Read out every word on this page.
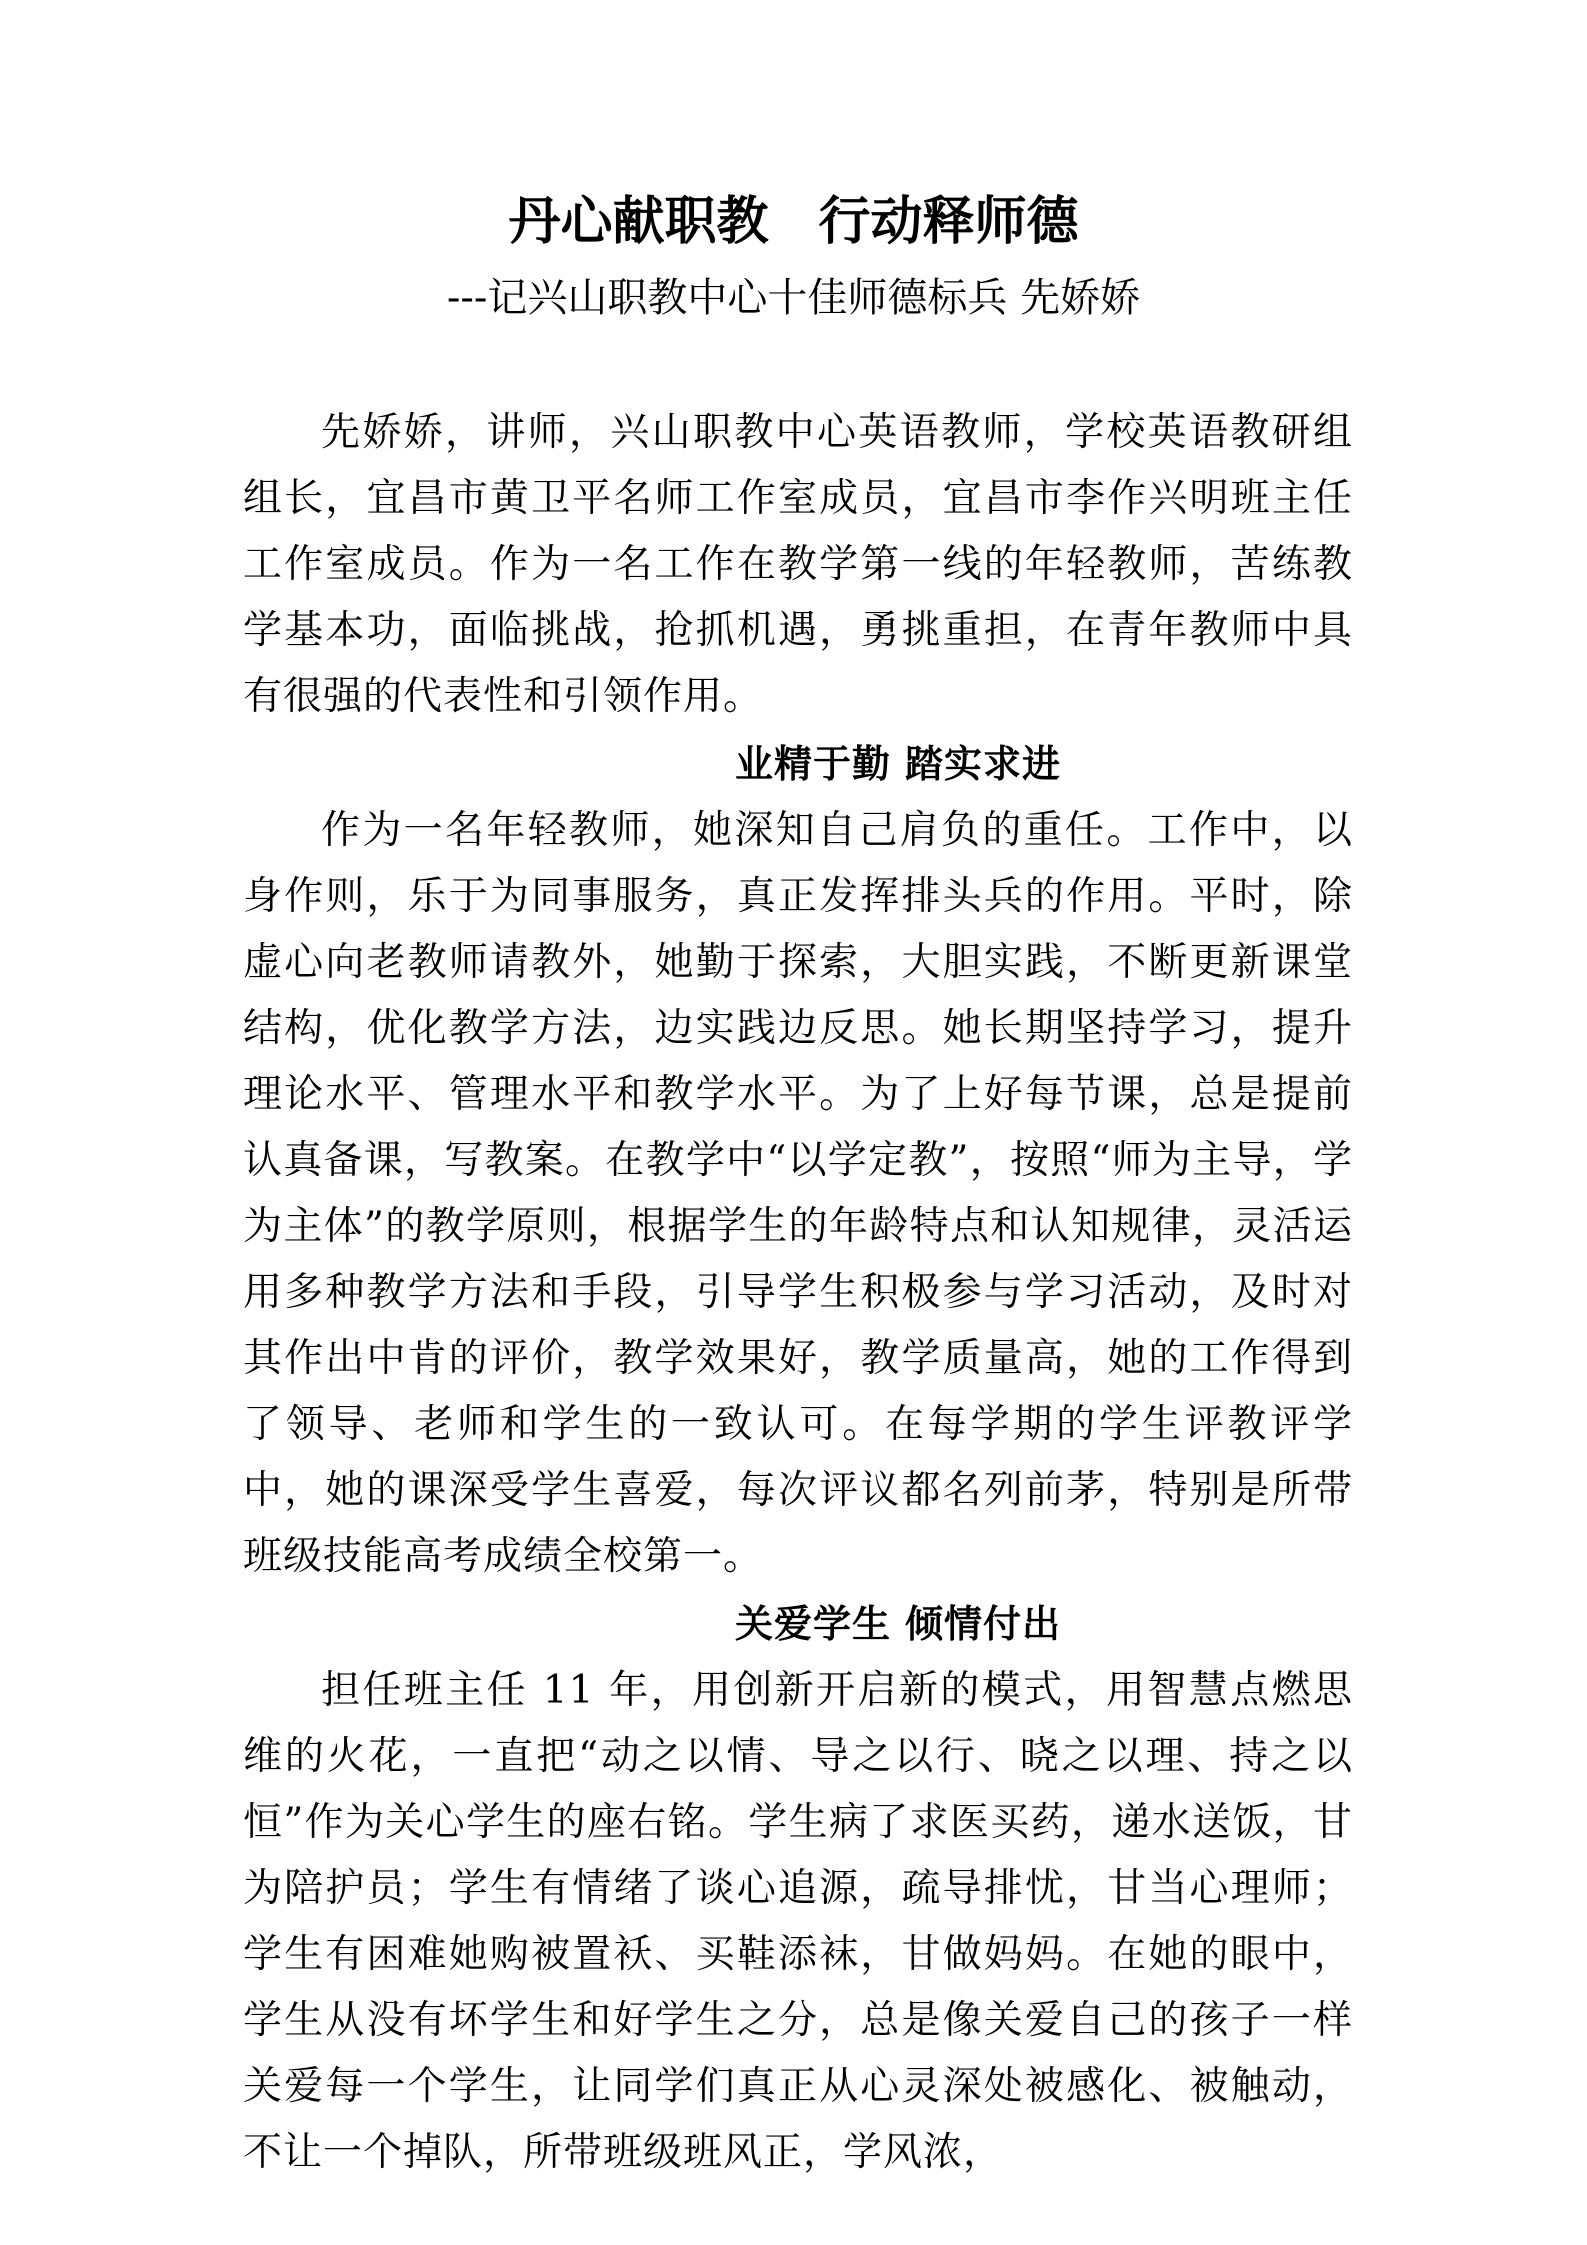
丹心献职教 行动释师德
---记兴山职教中心十佳师德标兵 先娇娇

先娇娇，讲师，兴山职教中心英语教师，学校英语教研组组长，宜昌市黄卫平名师工作室成员，宜昌市李作兴明班主任工作室成员。作为一名工作在教学第一线的年轻教师，苦练教学基本功，面临挑战，抢抓机遇，勇挑重担，在青年教师中具有很强的代表性和引领作用。

业精于勤 踏实求进

作为一名年轻教师，她深知自己肩负的重任。工作中，以身作则，乐于为同事服务，真正发挥排头兵的作用。平时，除虚心向老教师请教外，她勤于探索，大胆实践，不断更新课堂结构，优化教学方法，边实践边反思。她长期坚持学习，提升理论水平、管理水平和教学水平。为了上好每节课，总是提前认真备课，写教案。在教学中“以学定教”，按照“师为主导，学为主体”的教学原则，根据学生的年龄特点和认知规律，灵活运用多种教学方法和手段，引导学生积极参与学习活动，及时对其作出中肯的评价，教学效果好，教学质量高，她的工作得到了领导、老师和学生的一致认可。在每学期的学生评教评学中，她的课深受学生喜爱，每次评议都名列前茅，特别是所带班级技能高考成绩全校第一。

关爱学生 倾情付出

担任班主任 11 年，用创新开启新的模式，用智慧点燃思维的火花，一直把“动之以情、导之以行、晓之以理、持之以恒”作为关心学生的座右铭。学生病了求医买药，递水送饭，甘为陪护员；学生有情绪了谈心追源，疏导排忧，甘当心理师；学生有困难她购被置袄、买鞋添袜，甘做妈妈。在她的眼中，学生从没有坏学生和好学生之分，总是像关爱自己的孩子一样关爱每一个学生，让同学们真正从心灵深处被感化、被触动，不让一个掉队，所带班级班风正，学风浓，
